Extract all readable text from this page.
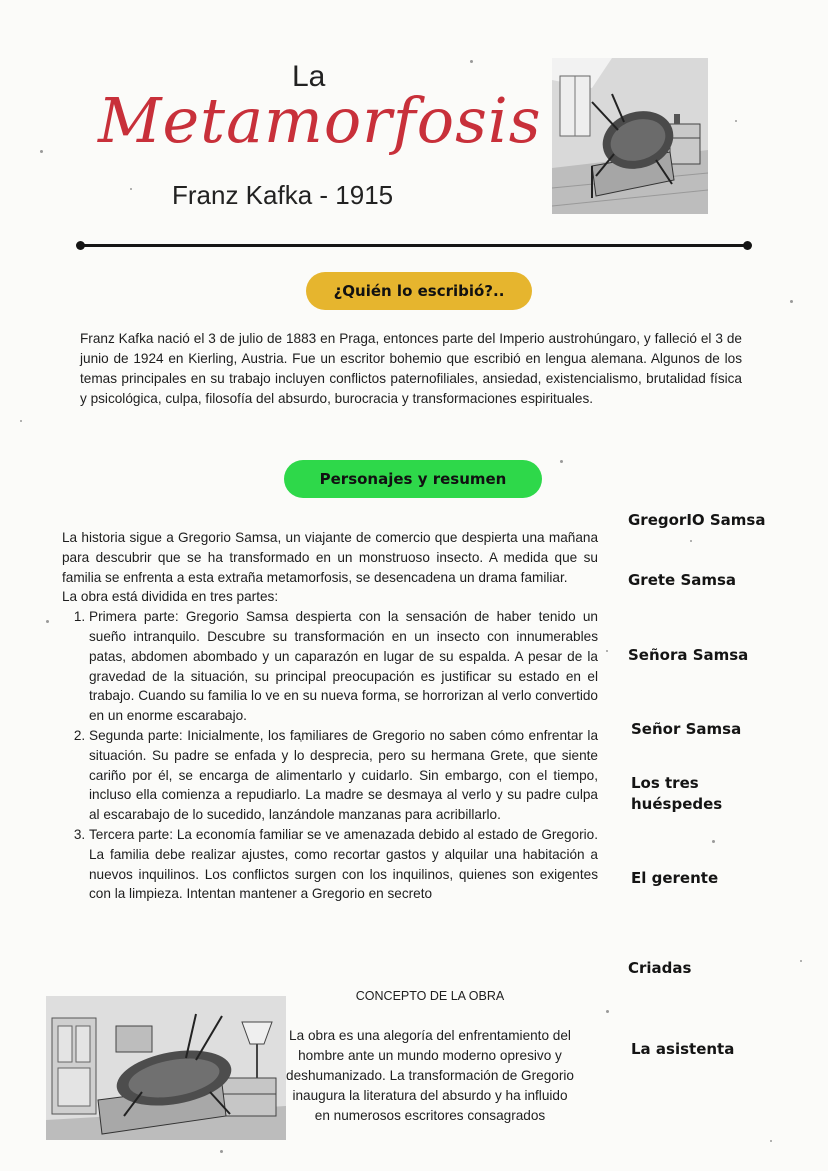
La
Metamorfosis
Franz Kafka - 1915
¿Quién lo escribió?..
Franz Kafka nació el 3 de julio de 1883 en Praga, entonces parte del Imperio austrohúngaro, y falleció el 3 de junio de 1924 en Kierling, Austria. Fue un escritor bohemio que escribió en lengua alemana. Algunos de los temas principales en su trabajo incluyen conflictos paternofiliales, ansiedad, existencialismo, brutalidad física y psicológica, culpa, filosofía del absurdo, burocracia y transformaciones espirituales.
Personajes y resumen

La historia sigue a Gregorio Samsa, un viajante de comercio que despierta una mañana para descubrir que se ha transformado en un monstruoso insecto. A medida que su familia se enfrenta a esta extraña metamorfosis, se desencadena un drama familiar.

La obra está dividida en tres partes:

1. Primera parte: Gregorio Samsa despierta con la sensación de haber tenido un sueño intranquilo. Descubre su transformación en un insecto con innumerables patas, abdomen abombado y un caparazón en lugar de su espalda. A pesar de la gravedad de la situación, su principal preocupación es justificar su estado en el trabajo. Cuando su familia lo ve en su nueva forma, se horrorizan al verlo convertido en un enorme escarabajo.
2. Segunda parte: Inicialmente, los familiares de Gregorio no saben cómo enfrentar la situación. Su padre se enfada y lo desprecia, pero su hermana Grete, que siente cariño por él, se encarga de alimentarlo y cuidarlo. Sin embargo, con el tiempo, incluso ella comienza a repudiarlo. La madre se desmaya al verlo y su padre culpa al escarabajo de lo sucedido, lanzándole manzanas para acribillarlo.
3. Tercera parte: La economía familiar se ve amenazada debido al estado de Gregorio. La familia debe realizar ajustes, como recortar gastos y alquilar una habitación a nuevos inquilinos. Los conflictos surgen con los inquilinos, quienes son exigentes con la limpieza. Intentan mantener a Gregorio en secreto
GregorIO Samsa
Grete Samsa
Señora Samsa
Señor Samsa
Los tres huéspedes
El gerente
Criadas
La asistenta
CONCEPTO DE LA OBRA
La obra es una alegoría del enfrentamiento del hombre ante un mundo moderno opresivo y deshumanizado. La transformación de Gregorio inaugura la literatura del absurdo y ha influido en numerosos escritores consagrados
